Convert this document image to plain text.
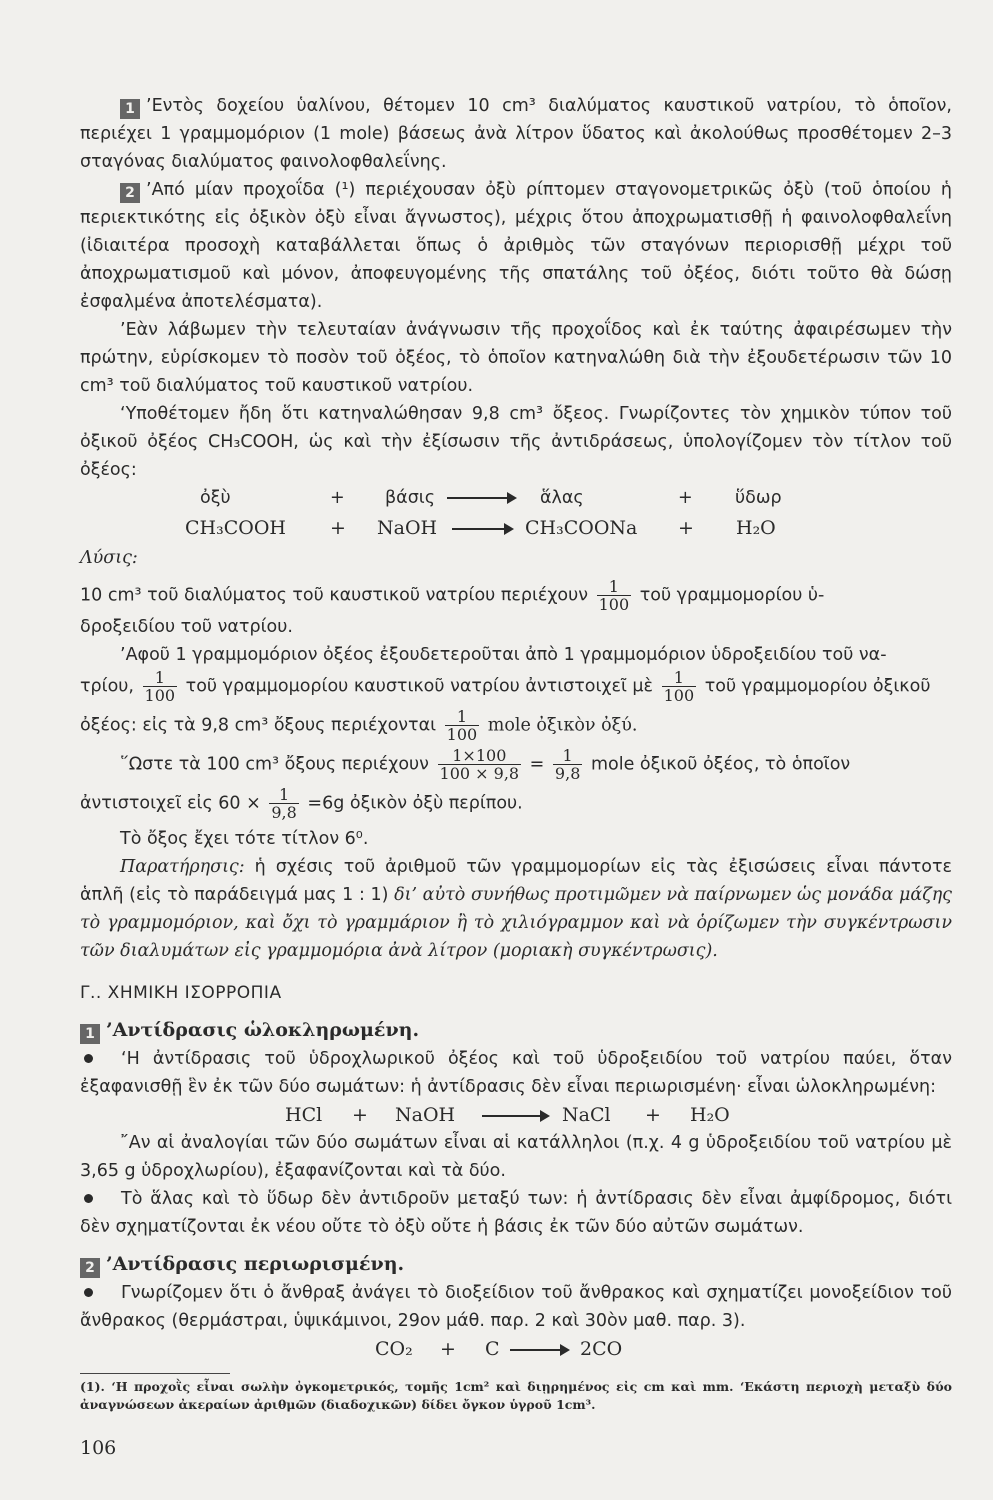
1 ’Εντὸς δοχείου ὑαλίνου, θέτομεν 10 cm³ διαλύματος καυστικοῦ νατρίου, τὸ ὁποῖον, περιέχει 1 γραμμομόριον (1 mole) βάσεως ἀνὰ λίτρον ὕδατος καὶ ἀκολούθως προσθέτομεν 2–3 σταγόνας διαλύματος φαινολοφθαλεΐνης.

2 ’Από μίαν προχοΐδα (¹) περιέχουσαν ὀξὺ ρίπτομεν σταγονομετρικῶς ὀξὺ (τοῦ ὁποίου ἡ περιεκτικότης εἰς ὀξικὸν ὀξὺ εἶναι ἄγνωστος), μέχρις ὅτου ἀποχρωματισθῇ ἡ φαινολοφθαλεΐνη (ἰδιαιτέρα προσοχὴ καταβάλλεται ὅπως ὁ ἀριθμὸς τῶν σταγόνων περιορισθῇ μέχρι τοῦ ἀποχρωματισμοῦ καὶ μόνον, ἀποφευγομένης τῆς σπατάλης τοῦ ὀξέος, διότι τοῦτο θὰ δώσῃ ἐσφαλμένα ἀποτελέσματα).

’Εὰν λάβωμεν τὴν τελευταίαν ἀνάγνωσιν τῆς προχοΐδος καὶ ἐκ ταύτης ἀφαιρέσωμεν τὴν πρώτην, εὑρίσκομεν τὸ ποσὸν τοῦ ὀξέος, τὸ ὁποῖον κατηναλώθη διὰ τὴν ἐξουδετέρωσιν τῶν 10 cm³ τοῦ διαλύματος τοῦ καυστικοῦ νατρίου.

‘Υποθέτομεν ἤδη ὅτι κατηναλώθησαν 9,8 cm³ ὄξεος. Γνωρίζοντες τὸν χημικὸν τύπον τοῦ ὀξικοῦ ὀξέος CH₃COOH, ὡς καὶ τὴν ἐξίσωσιν τῆς ἀντιδράσεως, ὑπολογίζομεν τὸν τίτλον τοῦ ὀξέος:

ὀξὺ	+ βάσις	ἅλας	+ ὕδωρ
CH₃COOH + NaOH	CH₃COONa + H₂O

Λύσις:

10 cm³ τοῦ διαλύματος τοῦ καυστικοῦ νατρίου περιέχουν $\frac{1}{100}$ τοῦ γραμμομορίου ὑ-

δροξειδίου τοῦ νατρίου.

’Αφοῦ 1 γραμμομόριον ὀξέος ἐξουδετεροῦται ἀπὸ 1 γραμμομόριον ὑδροξειδίου τοῦ να-

τρίου, $\frac{1}{100}$ τοῦ γραμμομορίου καυστικοῦ νατρίου ἀντιστοιχεῖ μὲ $\frac{1}{100}$ τοῦ γραμμομορίου ὀξικοῦ

ὀξέος: εἰς τὰ 9,8 cm³ ὄξους περιέχονται $\frac{1}{100}$ mole ὀξικὸν ὀξύ.

῞Ωστε τὰ 100 cm³ ὄξους περιέχουν $\frac{1\times 100}{100 \times 9,8} = \frac{1}{9,8}$ mole ὀξικοῦ ὀξέος, τὸ ὁποῖον

ἀντιστοιχεῖ εἰς $60 \times \frac{1}{9,8} =6g$ ὀξικὸν ὀξὺ περίπου.

Τὸ ὄξος ἔχει τότε τίτλον 6⁰.

Παρατήρησις: ἡ σχέσις τοῦ ἀριθμοῦ τῶν γραμμομορίων εἰς τὰς ἐξισώσεις εἶναι πάντοτε ἁπλῆ (εἰς τὸ παράδειγμά μας 1 : 1) δι’ αὐτὸ συνήθως προτιμῶμεν νὰ παίρνωμεν ὡς μονάδα μάζης τὸ γραμμομόριον, καὶ ὄχι τὸ γραμμάριον ἢ τὸ χιλιόγραμμον καὶ νὰ ὁρίζωμεν τὴν συγκέντρωσιν τῶν διαλυμάτων εἰς γραμμομόρια ἀνὰ λίτρον (μοριακὴ συγκέντρωσις).

Γ.. ΧΗΜΙΚΗ ΙΣΟΡΡΟΠΙΑ
1 ’Αντίδρασις ὡλοκληρωμένη.

‘Η ἀντίδρασις τοῦ ὑδροχλωρικοῦ ὀξέος καὶ τοῦ ὑδροξειδίου τοῦ νατρίου παύει, ὅταν ἐξαφανισθῇ ἓν ἐκ τῶν δύο σωμάτων: ἡ ἀντίδρασις δὲν εἶναι περιωρισμένη· εἶναι ὡλοκληρωμένη:

HCl + NaOH	NaCl + H₂O

῎Αν αἱ ἀναλογίαι τῶν δύο σωμάτων εἶναι αἱ κατάλληλοι (π.χ. 4 g ὑδροξειδίου τοῦ νατρίου μὲ 3,65 g ὑδροχλωρίου), ἐξαφανίζονται καὶ τὰ δύο.

Τὸ ἅλας καὶ τὸ ὕδωρ δὲν ἀντιδροῦν μεταξύ των: ἡ ἀντίδρασις δὲν εἶναι ἀμφίδρομος, διότι δὲν σχηματίζονται ἐκ νέου οὔτε τὸ ὀξὺ οὔτε ἡ βάσις ἐκ τῶν δύο αὐτῶν σωμάτων.

2 ’Αντίδρασις περιωρισμένη.

Γνωρίζομεν ὅτι ὁ ἄνθραξ ἀνάγει τὸ διοξείδιον τοῦ ἄνθρακος καὶ σχηματίζει μονοξείδιον τοῦ ἄνθρακος (θερμάστραι, ὑψικάμινοι, 29ον μάθ. παρ. 2 καὶ 30ὸν μαθ. παρ. 3).

CO₂ + C	2CO

(1). ‘Η προχοῒς εἶναι σωλὴν ὀγκομετρικός, τομῆς 1cm² καὶ διῃρημένος εἰς cm καὶ mm. ‘Εκάστη περιοχὴ μεταξὺ δύο ἀναγνώσεων ἀκεραίων ἀριθμῶν (διαδοχικῶν) δίδει ὄγκον ὑγροῦ 1cm³.

106
